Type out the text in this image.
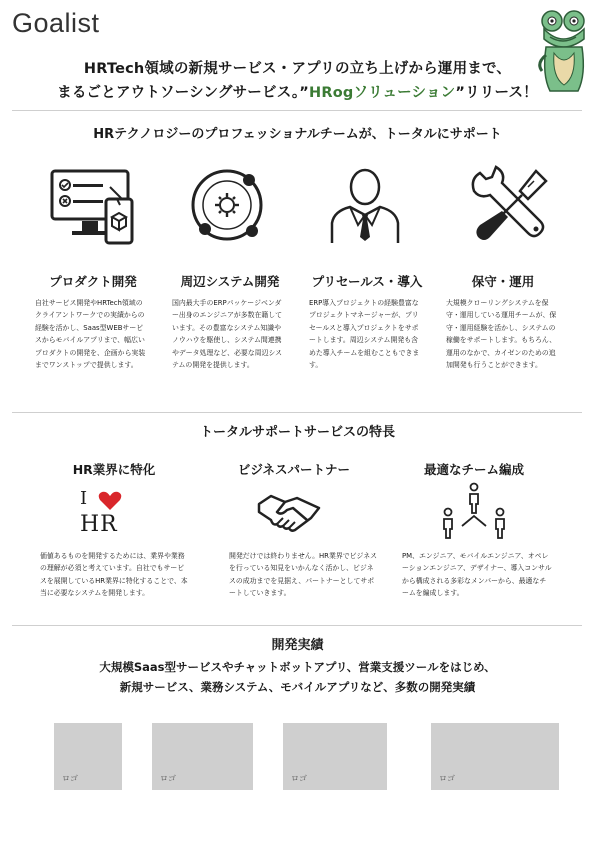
Goalist
HRTech領域の新規サービス・アプリの立ち上げから運用まで、
まるごとアウトソーシングサービス。”HRogソリューション”リリース！
HRテクノロジーのプロフェッショナルチームが、トータルにサポート
プロダクト開発	周辺システム開発	プリセールス・導入	保守・運用
自社サービス開発やHRTech領域のクライアントワークでの実績からの経験を活かし、Saas型WEBサービスからモバイルアプリまで、幅広いプロダクトの開発を、企画から実装までワンストップで提供します。
国内最大手のERPパッケージベンダー出身のエンジニアが多数在籍しています。その豊富なシステム知識やノウハウを駆使し、システム間連携やデータ処理など、必要な周辺システムの開発を提供します。
ERP導入プロジェクトの経験豊富なプロジェクトマネージャーが、プリセールスと導入プロジェクトをサポートします。周辺システム開発も含めた導入チームを組むこともできます。
大規模クローリングシステムを保守・運用している運用チームが、保守・運用経験を活かし、システムの稼働をサポートします。もちろん、運用のなかで、カイゼンのための追加開発も行うことができます。
トータルサポートサービスの特長
HR業界に特化	ビジネスパートナー	最適なチーム編成
I
HR
価値あるものを開発するためには、業界や業務の理解が必須と考えています。自社でもサービスを展開しているHR業界に特化することで、本当に必要なシステムを開発します。
開発だけでは終わりません。HR業界でビジネスを行っている知見をいかんなく活かし、ビジネスの成功までを見据え、パートナーとしてサポートしていきます。
PM、エンジニア、モバイルエンジニア、オペレーションエンジニア、デザイナー、導入コンサルから構成される多彩なメンバーから、最適なチームを編成します。
開発実績
大規模Saas型サービスやチャットボットアプリ、営業支援ツールをはじめ、
新規サービス、業務システム、モバイルアプリなど、多数の開発実績
ロゴ	ロゴ	ロゴ	ロゴ
